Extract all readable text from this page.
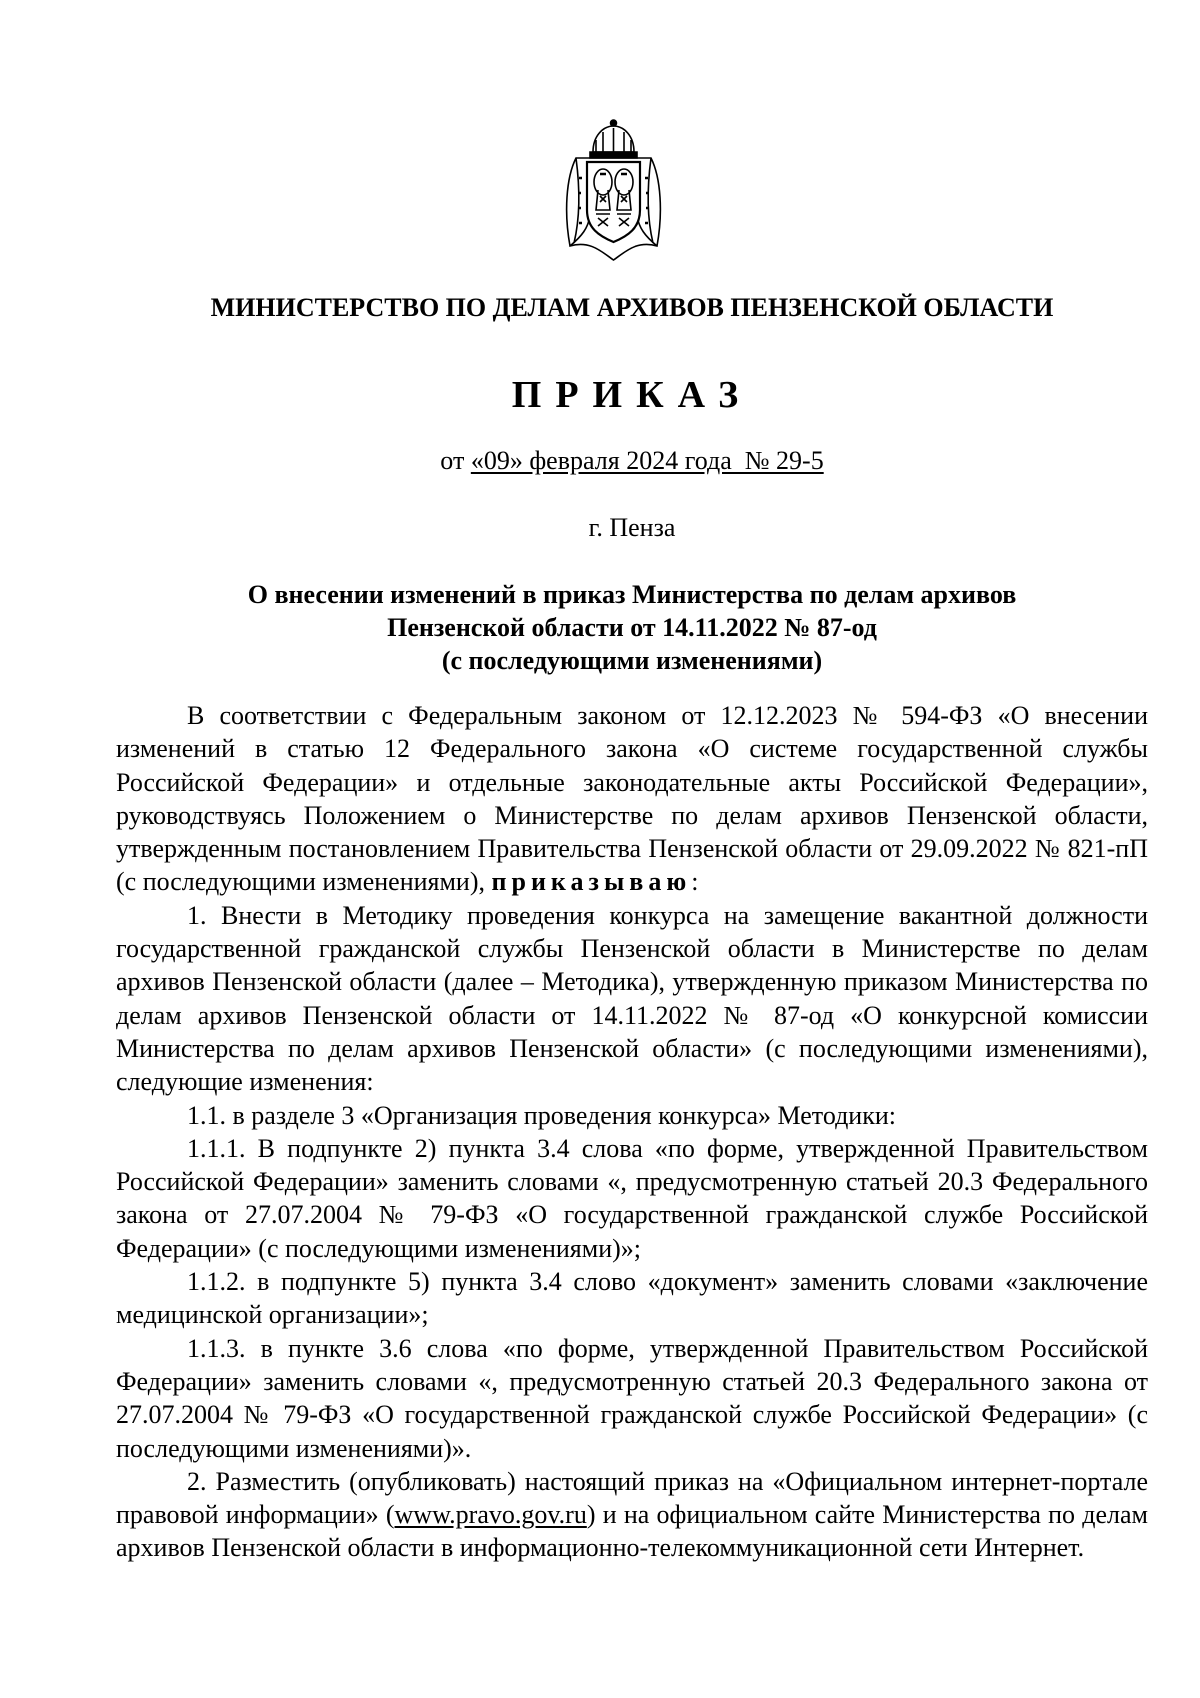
МИНИСТЕРСТВО ПО ДЕЛАМ АРХИВОВ ПЕНЗЕНСКОЙ ОБЛАСТИ
ПРИКАЗ
от «09» февраля 2024 года  № 29-5
г. Пенза
О внесении изменений в приказ Министерства по делам архивов
Пензенской области от 14.11.2022 № 87-од
(с последующими изменениями)

В соответствии с Федеральным законом от 12.12.2023 № 594-ФЗ «О внесении изменений в статью 12 Федерального закона «О системе государственной службы Российской Федерации» и отдельные законодательные акты Российской Федерации», руководствуясь Положением о Министерстве по делам архивов Пензенской области, утвержденным постановлением Правительства Пензенской области от 29.09.2022 № 821-пП (с последующими изменениями), приказываю:

1. Внести в Методику проведения конкурса на замещение вакантной должности государственной гражданской службы Пензенской области в Министерстве по делам архивов Пензенской области (далее – Методика), утвержденную приказом Министерства по делам архивов Пензенской области от 14.11.2022 № 87-од «О конкурсной комиссии Министерства по делам архивов Пензенской области» (с последующими изменениями), следующие изменения:

1.1. в разделе 3 «Организация проведения конкурса» Методики:

1.1.1. В подпункте 2) пункта 3.4 слова «по форме, утвержденной Правительством Российской Федерации» заменить словами «, предусмотренную статьей 20.3 Федерального закона от 27.07.2004 № 79-ФЗ «О государственной гражданской службе Российской Федерации» (с последующими изменениями)»;

1.1.2. в подпункте 5) пункта 3.4 слово «документ» заменить словами «заключение медицинской организации»;

1.1.3. в пункте 3.6 слова «по форме, утвержденной Правительством Российской Федерации» заменить словами «, предусмотренную статьей 20.3 Федерального закона от 27.07.2004 № 79-ФЗ «О государственной гражданской службе Российской Федерации» (с последующими изменениями)».

2. Разместить (опубликовать) настоящий приказ на «Официальном интернет-портале правовой информации» (www.pravo.gov.ru) и на официальном сайте Министерства по делам архивов Пензенской области в информационно-телекоммуникационной сети Интернет.
